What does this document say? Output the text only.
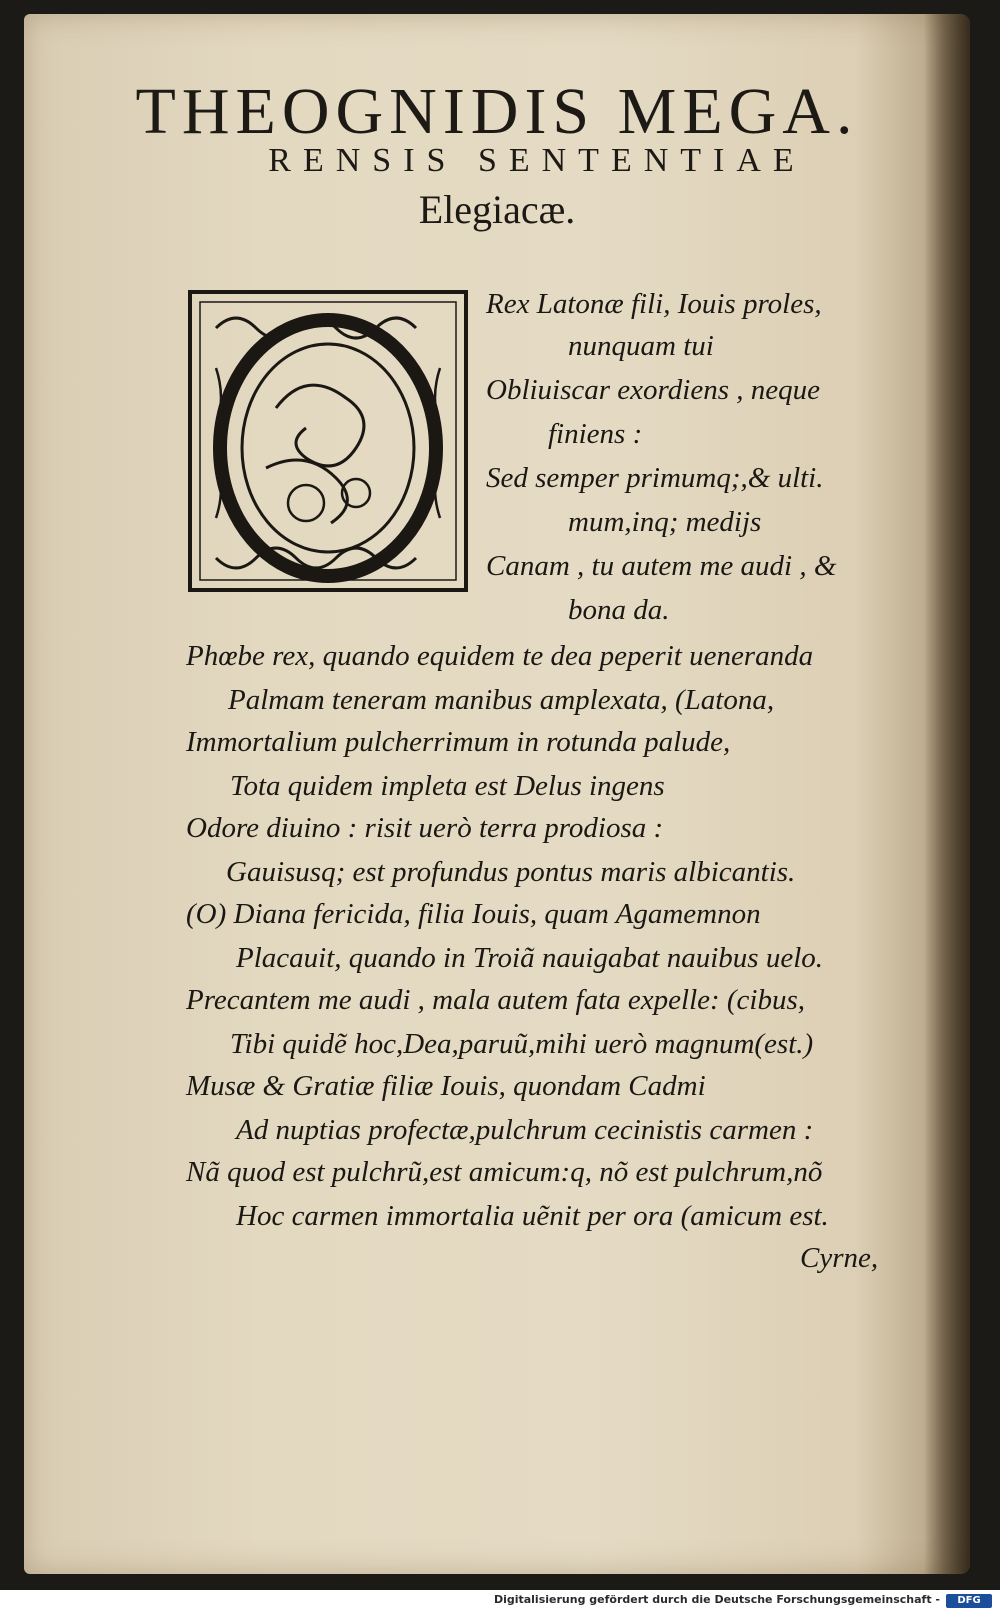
THEOGNIDIS MEGA.
RENSIS SENTENTIAE
Elegiacæ.
Rex Latonæ fili, Iouis proles,
nunquam tui
Obliuiscar exordiens , neque
finiens :
Sed semper primumq;,& ulti.
mum,inq; medijs
Canam , tu autem me audi , &
bona da.
Phœbe rex, quando equidem te dea peperit ueneranda
Palmam teneram manibus amplexata, (Latona,
Immortalium pulcherrimum in rotunda palude,
Tota quidem impleta est Delus ingens
Odore diuino : risit uerò terra prodiosa :
Gauisusq; est profundus pontus maris albicantis.
(O) Diana fericida, filia Iouis, quam Agamemnon
Placauit, quando in Troiã nauigabat nauibus uelo.
Precantem me audi , mala autem fata expelle: (cibus,
Tibi quidẽ hoc,Dea,paruũ,mihi uerò magnum(est.)
Musæ & Gratiæ filiæ Iouis, quondam Cadmi
Ad nuptias profectæ,pulchrum cecinistis carmen :
Nã quod est pulchrũ,est amicum:q, nõ est pulchrum,nõ
Hoc carmen immortalia uẽnit per ora (amicum est.
Cyrne,
Digitalisierung gefördert durch die Deutsche Forschungsgemeinschaft -	DFG
